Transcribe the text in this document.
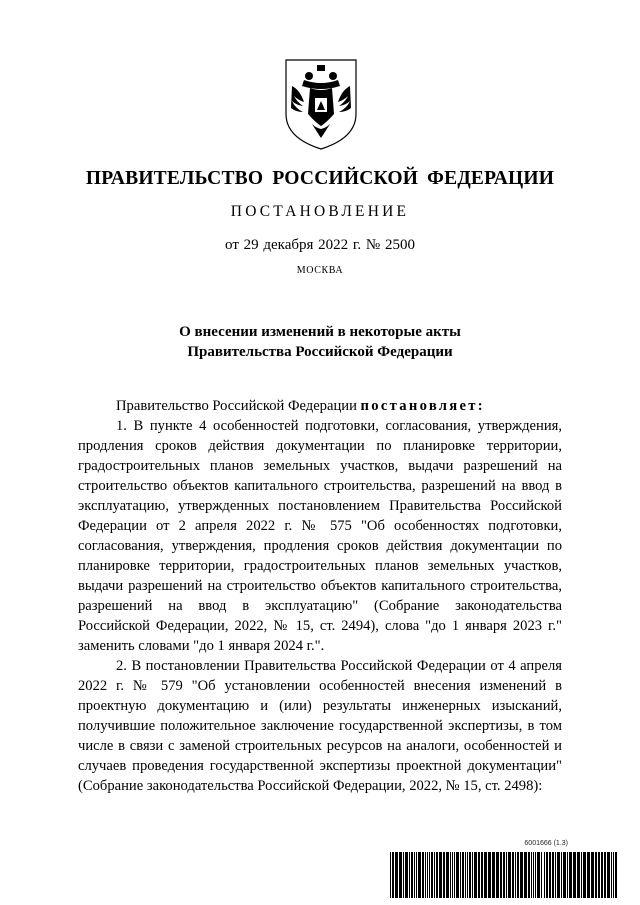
ПРАВИТЕЛЬСТВО РОССИЙСКОЙ ФЕДЕРАЦИИ
ПОСТАНОВЛЕНИЕ
от 29 декабря 2022 г. № 2500
МОСКВА
О внесении изменений в некоторые акты
Правительства Российской Федерации

Правительство Российской Федерации постановляет:

1. В пункте 4 особенностей подготовки, согласования, утверждения, продления сроков действия документации по планировке территории, градостроительных планов земельных участков, выдачи разрешений на строительство объектов капитального строительства, разрешений на ввод в эксплуатацию, утвержденных постановлением Правительства Российской Федерации от 2 апреля 2022 г. № 575 "Об особенностях подготовки, согласования, утверждения, продления сроков действия документации по планировке территории, градостроительных планов земельных участков, выдачи разрешений на строительство объектов капитального строительства, разрешений на ввод в эксплуатацию" (Собрание законодательства Российской Федерации, 2022, № 15, ст. 2494), слова "до 1 января 2023 г." заменить словами "до 1 января 2024 г.".

2. В постановлении Правительства Российской Федерации от 4 апреля 2022 г. № 579 "Об установлении особенностей внесения изменений в проектную документацию и (или) результаты инженерных изысканий, получившие положительное заключение государственной экспертизы, в том числе в связи с заменой строительных ресурсов на аналоги, особенностей и случаев проведения государственной экспертизы проектной документации" (Собрание законодательства Российской Федерации, 2022, № 15, ст. 2498):

6001666 (1.3)
